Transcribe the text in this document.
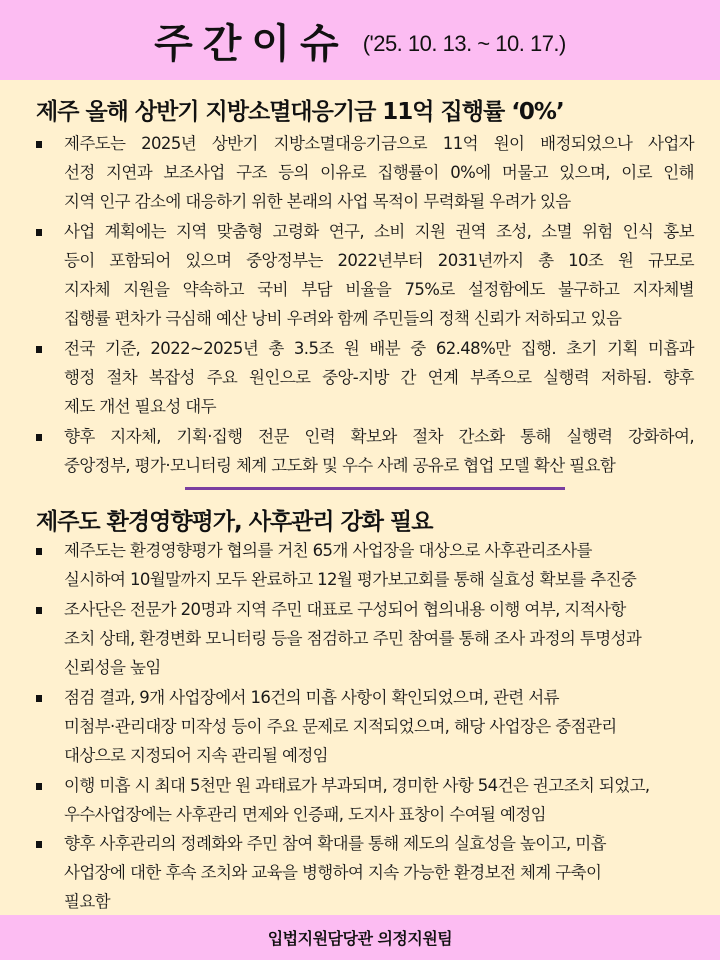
주간이슈 ('25. 10. 13. ~ 10. 17.)
제주 올해 상반기 지방소멸대응기금 11억 집행률 ‘0%’
제주도는 2025년 상반기 지방소멸대응기금으로 11억 원이 배정되었으나 사업자
선정 지연과 보조사업 구조 등의 이유로 집행률이 0%에 머물고 있으며, 이로 인해
지역 인구 감소에 대응하기 위한 본래의 사업 목적이 무력화될 우려가 있음
사업 계획에는 지역 맞춤형 고령화 연구, 소비 지원 권역 조성, 소멸 위험 인식 홍보
등이 포함되어 있으며 중앙정부는 2022년부터 2031년까지 총 10조 원 규모로
지자체 지원을 약속하고 국비 부담 비율을 75%로 설정함에도 불구하고 지자체별
집행률 편차가 극심해 예산 낭비 우려와 함께 주민들의 정책 신뢰가 저하되고 있음
전국 기준, 2022~2025년 총 3.5조 원 배분 중 62.48%만 집행. 초기 기획 미흡과
행정 절차 복잡성 주요 원인으로 중앙-지방 간 연계 부족으로 실행력 저하됨. 향후
제도 개선 필요성 대두
향후 지자체, 기획·집행 전문 인력 확보와 절차 간소화 통해 실행력 강화하여,
중앙정부, 평가·모니터링 체계 고도화 및 우수 사례 공유로 협업 모델 확산 필요함
제주도 환경영향평가, 사후관리 강화 필요
제주도는 환경영향평가 협의를 거친 65개 사업장을 대상으로 사후관리조사를
실시하여 10월말까지 모두 완료하고 12월 평가보고회를 통해 실효성 확보를 추진중
조사단은 전문가 20명과 지역 주민 대표로 구성되어 협의내용 이행 여부, 지적사항
조치 상태, 환경변화 모니터링 등을 점검하고 주민 참여를 통해 조사 과정의 투명성과
신뢰성을 높임
점검 결과, 9개 사업장에서 16건의 미흡 사항이 확인되었으며, 관련 서류
미첨부·관리대장 미작성 등이 주요 문제로 지적되었으며, 해당 사업장은 중점관리
대상으로 지정되어 지속 관리될 예정임
이행 미흡 시 최대 5천만 원 과태료가 부과되며, 경미한 사항 54건은 권고조치 되었고,
우수사업장에는 사후관리 면제와 인증패, 도지사 표창이 수여될 예정임
향후 사후관리의 정례화와 주민 참여 확대를 통해 제도의 실효성을 높이고, 미흡
사업장에 대한 후속 조치와 교육을 병행하여 지속 가능한 환경보전 체계 구축이
필요함
입법지원담당관 의정지원팀
